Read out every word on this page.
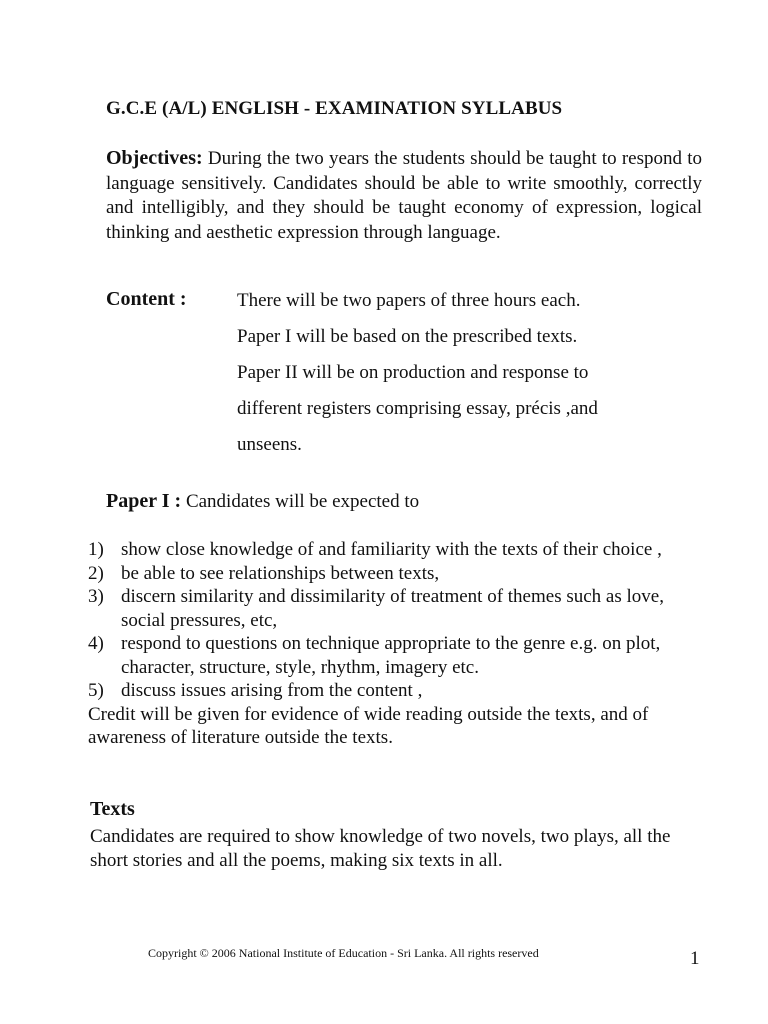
G.C.E (A/L) ENGLISH - EXAMINATION SYLLABUS
Objectives: During the two years the students should be taught to respond to language sensitively. Candidates should be able to write smoothly, correctly and intelligibly, and they should be taught economy of expression, logical thinking and aesthetic expression through language.
Content :	There will be two papers of three hours each.
Paper I will be based on the prescribed texts.
Paper II will be on production and response to
different registers comprising essay, précis ,and
unseens.
Paper I : Candidates will be expected to
1) show close knowledge of and familiarity with the texts of their choice ,
2) be able to see relationships between texts,
3) discern similarity and dissimilarity of treatment of themes such as love, social pressures, etc,
4) respond to questions on technique appropriate to the genre e.g. on plot, character, structure, style, rhythm, imagery etc.
5) discuss issues arising from the content ,
Credit will be given for evidence of wide reading outside the texts, and of awareness of literature outside the texts.
Texts
Candidates are required to show knowledge of two novels, two plays, all the short stories and all the poems, making six texts in all.
Copyright © 2006 National Institute of Education - Sri Lanka. All rights reserved	1
